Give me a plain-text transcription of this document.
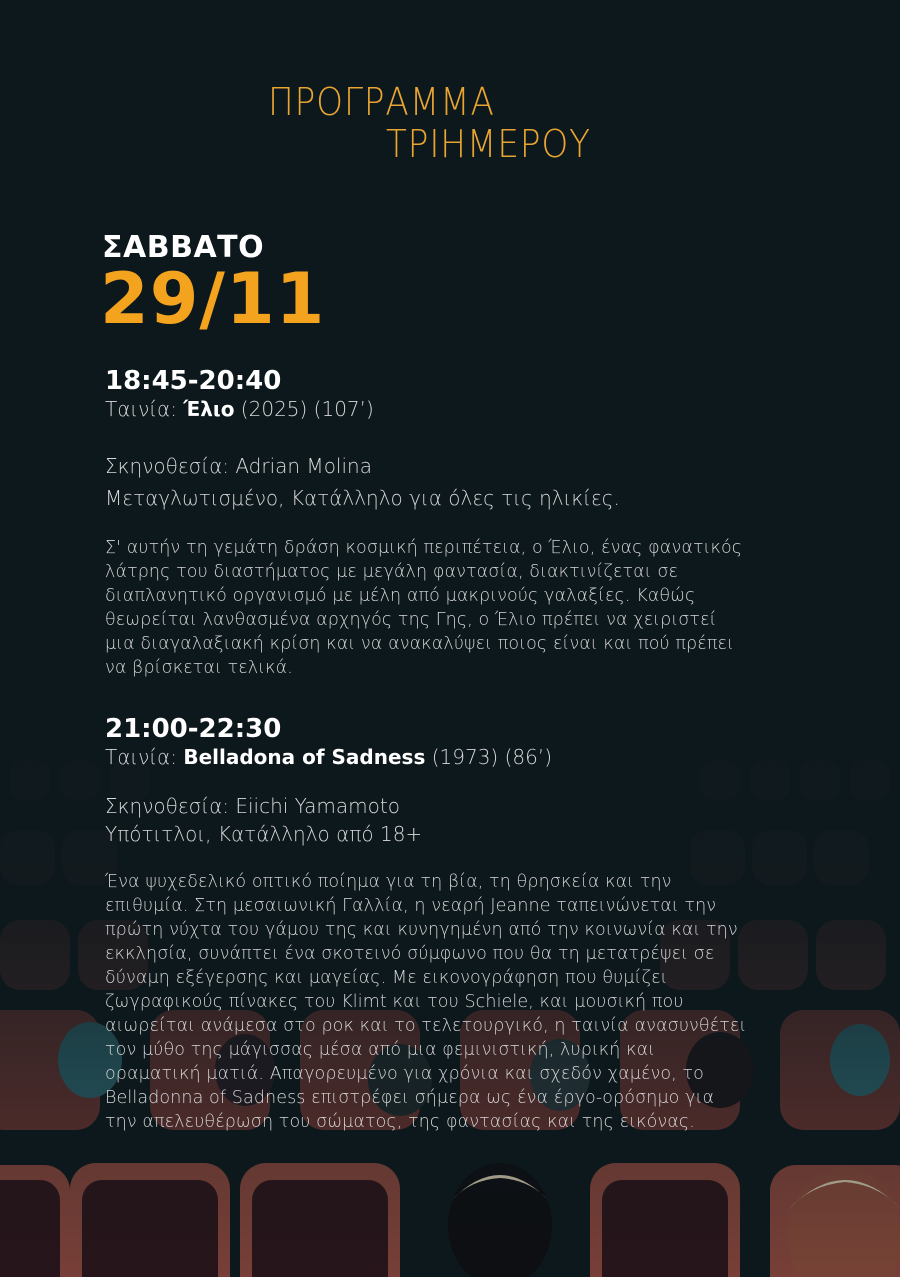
ΠΡΟΓΡΑΜΜΑ
ΤΡΙΗΜΕΡΟΥ
ΣΑΒΒΑΤΟ
29/11
18:45-20:40
Ταινία: Έλιο (2025) (107’)
Σκηνοθεσία: Adrian Molina
Μεταγλωτισμένο, Κατάλληλο για όλες τις ηλικίες.
Σ' αυτήν τη γεμάτη δράση κοσμική περιπέτεια, ο Έλιο, ένας φανατικός
λάτρης του διαστήματος με μεγάλη φαντασία, διακτινίζεται σε
διαπλανητικό οργανισμό με μέλη από μακρινούς γαλαξίες. Καθώς
θεωρείται λανθασμένα αρχηγός της Γης, ο Έλιο πρέπει να χειριστεί
μια διαγαλαξιακή κρίση και να ανακαλύψει ποιος είναι και πού πρέπει
να βρίσκεται τελικά.
21:00-22:30
Ταινία: Belladona of Sadness (1973) (86’)
Σκηνοθεσία: Eiichi Yamamoto
Υπότιτλοι, Κατάλληλο από 18+
Ένα ψυχεδελικό οπτικό ποίημα για τη βία, τη θρησκεία και την
επιθυμία. Στη μεσαιωνική Γαλλία, η νεαρή Jeanne ταπεινώνεται την
πρώτη νύχτα του γάμου της και κυνηγημένη από την κοινωνία και την
εκκλησία, συνάπτει ένα σκοτεινό σύμφωνο που θα τη μετατρέψει σε
δύναμη εξέγερσης και μαγείας. Με εικονογράφηση που θυμίζει
ζωγραφικούς πίνακες του Klimt και του Schiele, και μουσική που
αιωρείται ανάμεσα στο ροκ και το τελετουργικό, η ταινία ανασυνθέτει
τον μύθο της μάγισσας μέσα από μια φεμινιστική, λυρική και
οραματική ματιά. Απαγορευμένο για χρόνια και σχεδόν χαμένο, το
Belladonna of Sadness επιστρέφει σήμερα ως ένα έργο-ορόσημο για
την απελευθέρωση του σώματος, της φαντασίας και της εικόνας.
